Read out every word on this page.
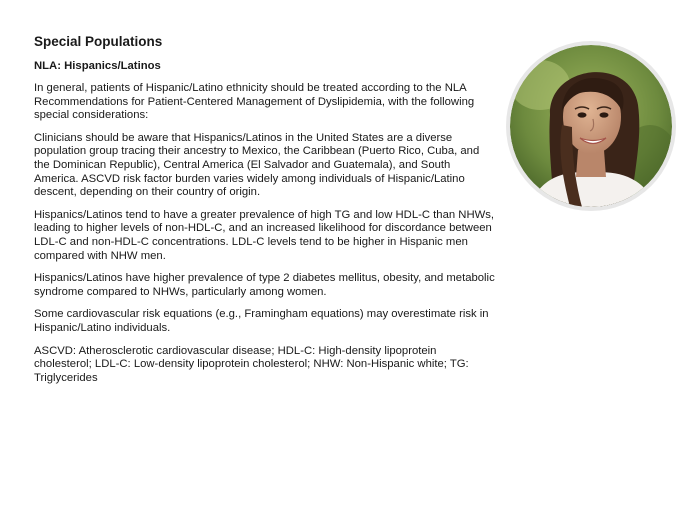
Special Populations
NLA: Hispanics/Latinos

In general, patients of Hispanic/Latino ethnicity should be treated according to the NLA Recommendations for Patient-Centered Management of Dyslipidemia, with the following special considerations:

Clinicians should be aware that Hispanics/Latinos in the United States are a diverse population group tracing their ancestry to Mexico, the Caribbean (Puerto Rico, Cuba, and the Dominican Republic), Central America (El Salvador and Guatemala), and South America. ASCVD risk factor burden varies widely among individuals of Hispanic/Latino descent, depending on their country of origin.

Hispanics/Latinos tend to have a greater prevalence of high TG and low HDL-C than NHWs, leading to higher levels of non-HDL-C, and an increased likelihood for discordance between LDL-C and non-HDL-C concentrations. LDL-C levels tend to be higher in Hispanic men compared with NHW men.

Hispanics/Latinos have higher prevalence of type 2 diabetes mellitus, obesity, and metabolic syndrome compared to NHWs, particularly among women.

Some cardiovascular risk equations (e.g., Framingham equations) may overestimate risk in Hispanic/Latino individuals.

ASCVD: Atherosclerotic cardiovascular disease; HDL-C: High-density lipoprotein cholesterol; LDL-C: Low-density lipoprotein cholesterol; NHW: Non-Hispanic white; TG: Triglycerides
